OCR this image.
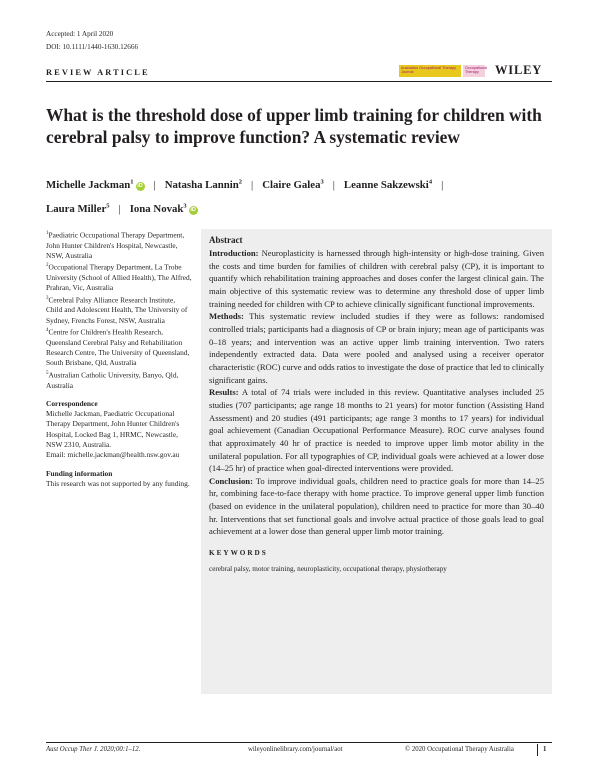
Accepted: 1 April 2020
DOI: 10.1111/1440-1630.12666
REVIEW ARTICLE
Australian Occupational Therapy
Journal
Occupational
Therapy	WILEY
What is the threshold dose of upper limb training for children with cerebral palsy to improve function? A systematic review
Michelle Jackman$^1$iD | Natasha Lannin$^2$ | Claire Galea$^3$ | Leanne Sakzewski$^4$ |
Laura Miller$^5$ | Iona Novak$^3$iD
$^1$Paediatric Occupational Therapy Department, John Hunter Children's Hospital, Newcastle, NSW, Australia
$^2$Occupational Therapy Department, La Trobe University (School of Allied Health), The Alfred, Prahran, Vic, Australia
$^3$Cerebral Palsy Alliance Research Institute, Child and Adolescent Health, The University of Sydney, Frenchs Forest, NSW, Australia
$^4$Centre for Children's Health Research, Queensland Cerebral Palsy and Rehabilitation Research Centre, The University of Queensland, South Brisbane, Qld, Australia
$^5$Australian Catholic University, Banyo, Qld, Australia
Correspondence

Michelle Jackman, Paediatric Occupational Therapy Department, John Hunter Children's Hospital, Locked Bag 1, HRMC, Newcastle, NSW 2310, Australia.

Email: michelle.jackman@health.nsw.gov.au

Funding information

This research was not supported by any funding.

Abstract

Introduction: Neuroplasticity is harnessed through high-intensity or high-dose training. Given the costs and time burden for families of children with cerebral palsy (CP), it is important to quantify which rehabilitation training approaches and doses confer the largest clinical gain. The main objective of this systematic review was to determine any threshold dose of upper limb training needed for children with CP to achieve clinically significant functional improvements.

Methods: This systematic review included studies if they were as follows: randomised controlled trials; participants had a diagnosis of CP or brain injury; mean age of participants was 0–18 years; and intervention was an active upper limb training intervention. Two raters independently extracted data. Data were pooled and analysed using a receiver operator characteristic (ROC) curve and odds ratios to investigate the dose of practice that led to clinically significant gains.

Results: A total of 74 trials were included in this review. Quantitative analyses included 25 studies (707 participants; age range 18 months to 21 years) for motor function (Assisting Hand Assessment) and 20 studies (491 participants; age range 3 months to 17 years) for individual goal achievement (Canadian Occupational Performance Measure). ROC curve analyses found that approximately 40 hr of practice is needed to improve upper limb motor ability in the unilateral population. For all typographies of CP, individual goals were achieved at a lower dose (14–25 hr) of practice when goal-directed interventions were provided.

Conclusion: To improve individual goals, children need to practice goals for more than 14–25 hr, combining face-to-face therapy with home practice. To improve general upper limb function (based on evidence in the unilateral population), children need to practice for more than 30–40 hr. Interventions that set functional goals and involve actual practice of those goals lead to goal achievement at a lower dose than general upper limb motor training.

KEYWORDS

cerebral palsy, motor training, neuroplasticity, occupational therapy, physiotherapy

Aust Occup Ther J. 2020;00:1–12.	wileyonlinelibrary.com/journal/aot	© 2020 Occupational Therapy Australia	1
